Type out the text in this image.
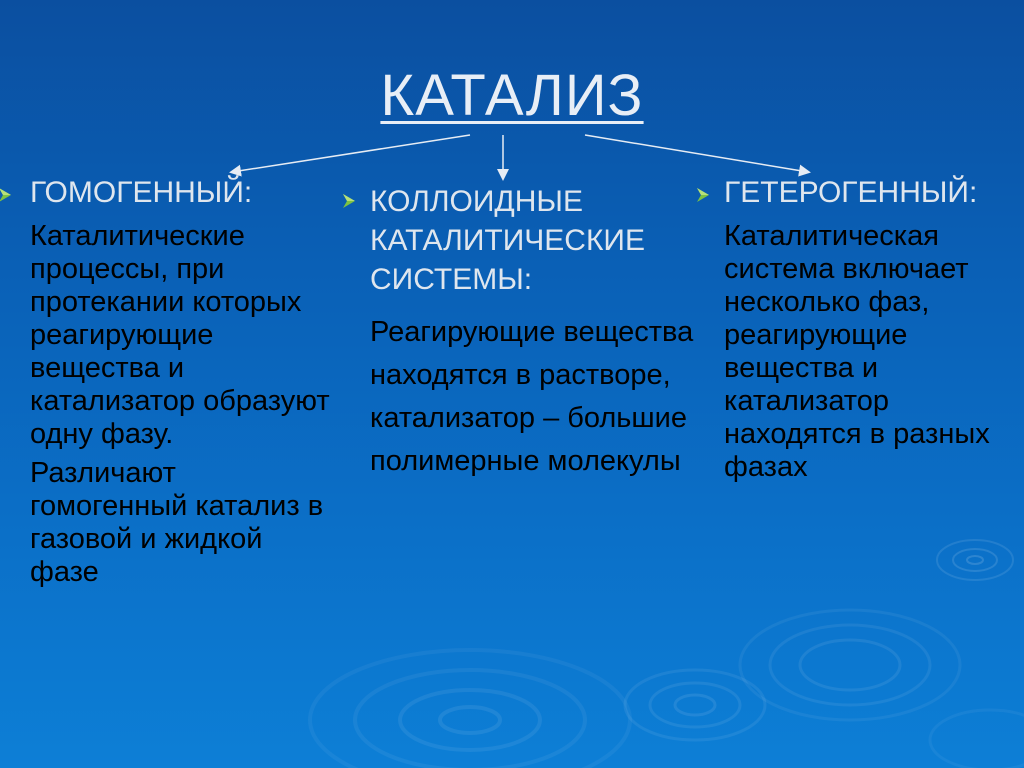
КАТАЛИЗ
ГОМОГЕННЫЙ:
Каталитические процессы, при протекании которых реагирующие вещества и катализатор образуют одну фазу.
Различают гомогенный катализ в газовой и жидкой фазе
КОЛЛОИДНЫЕ КАТАЛИТИЧЕСКИЕ СИСТЕМЫ:
Реагирующие вещества находятся в растворе, катализатор – большие полимерные молекулы
ГЕТЕРОГЕННЫЙ:
Каталитическая система включает несколько фаз, реагирующие вещества и катализатор находятся в разных фазах
